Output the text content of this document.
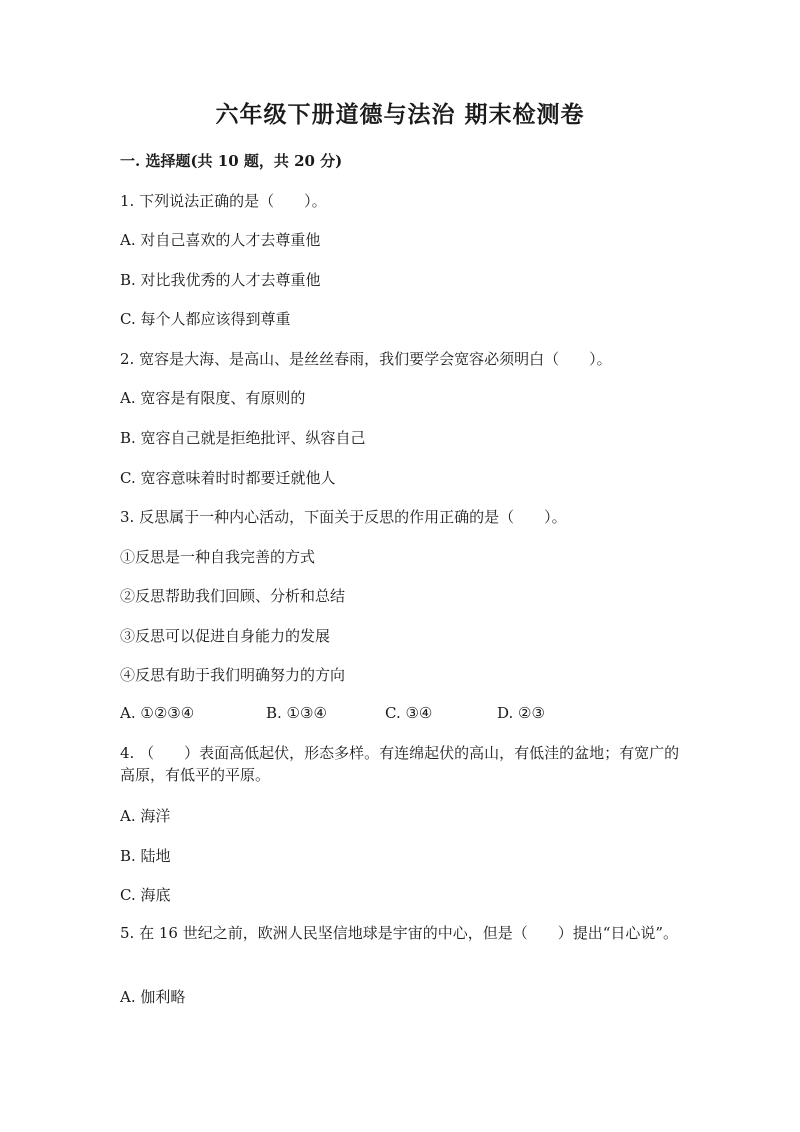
六年级下册道德与法治 期末检测卷
一. 选择题(共 10 题，共 20 分)
1. 下列说法正确的是（　　）。
A. 对自己喜欢的人才去尊重他
B. 对比我优秀的人才去尊重他
C. 每个人都应该得到尊重
2. 宽容是大海、是高山、是丝丝春雨，我们要学会宽容必须明白（　　）。
A. 宽容是有限度、有原则的
B. 宽容自己就是拒绝批评、纵容自己
C. 宽容意味着时时都要迁就他人
3. 反思属于一种内心活动，下面关于反思的作用正确的是（　　）。
①反思是一种自我完善的方式
②反思帮助我们回顾、分析和总结
③反思可以促进自身能力的发展
④反思有助于我们明确努力的方向
A. ①②③④	B. ①③④	C. ③④	D. ②③
4. （　　）表面高低起伏，形态多样。有连绵起伏的高山，有低洼的盆地；有宽广的高原，有低平的平原。
A. 海洋
B. 陆地
C. 海底
5. 在 16 世纪之前，欧洲人民坚信地球是宇宙的中心，但是（　　）提出“日心说”。
A. 伽利略
